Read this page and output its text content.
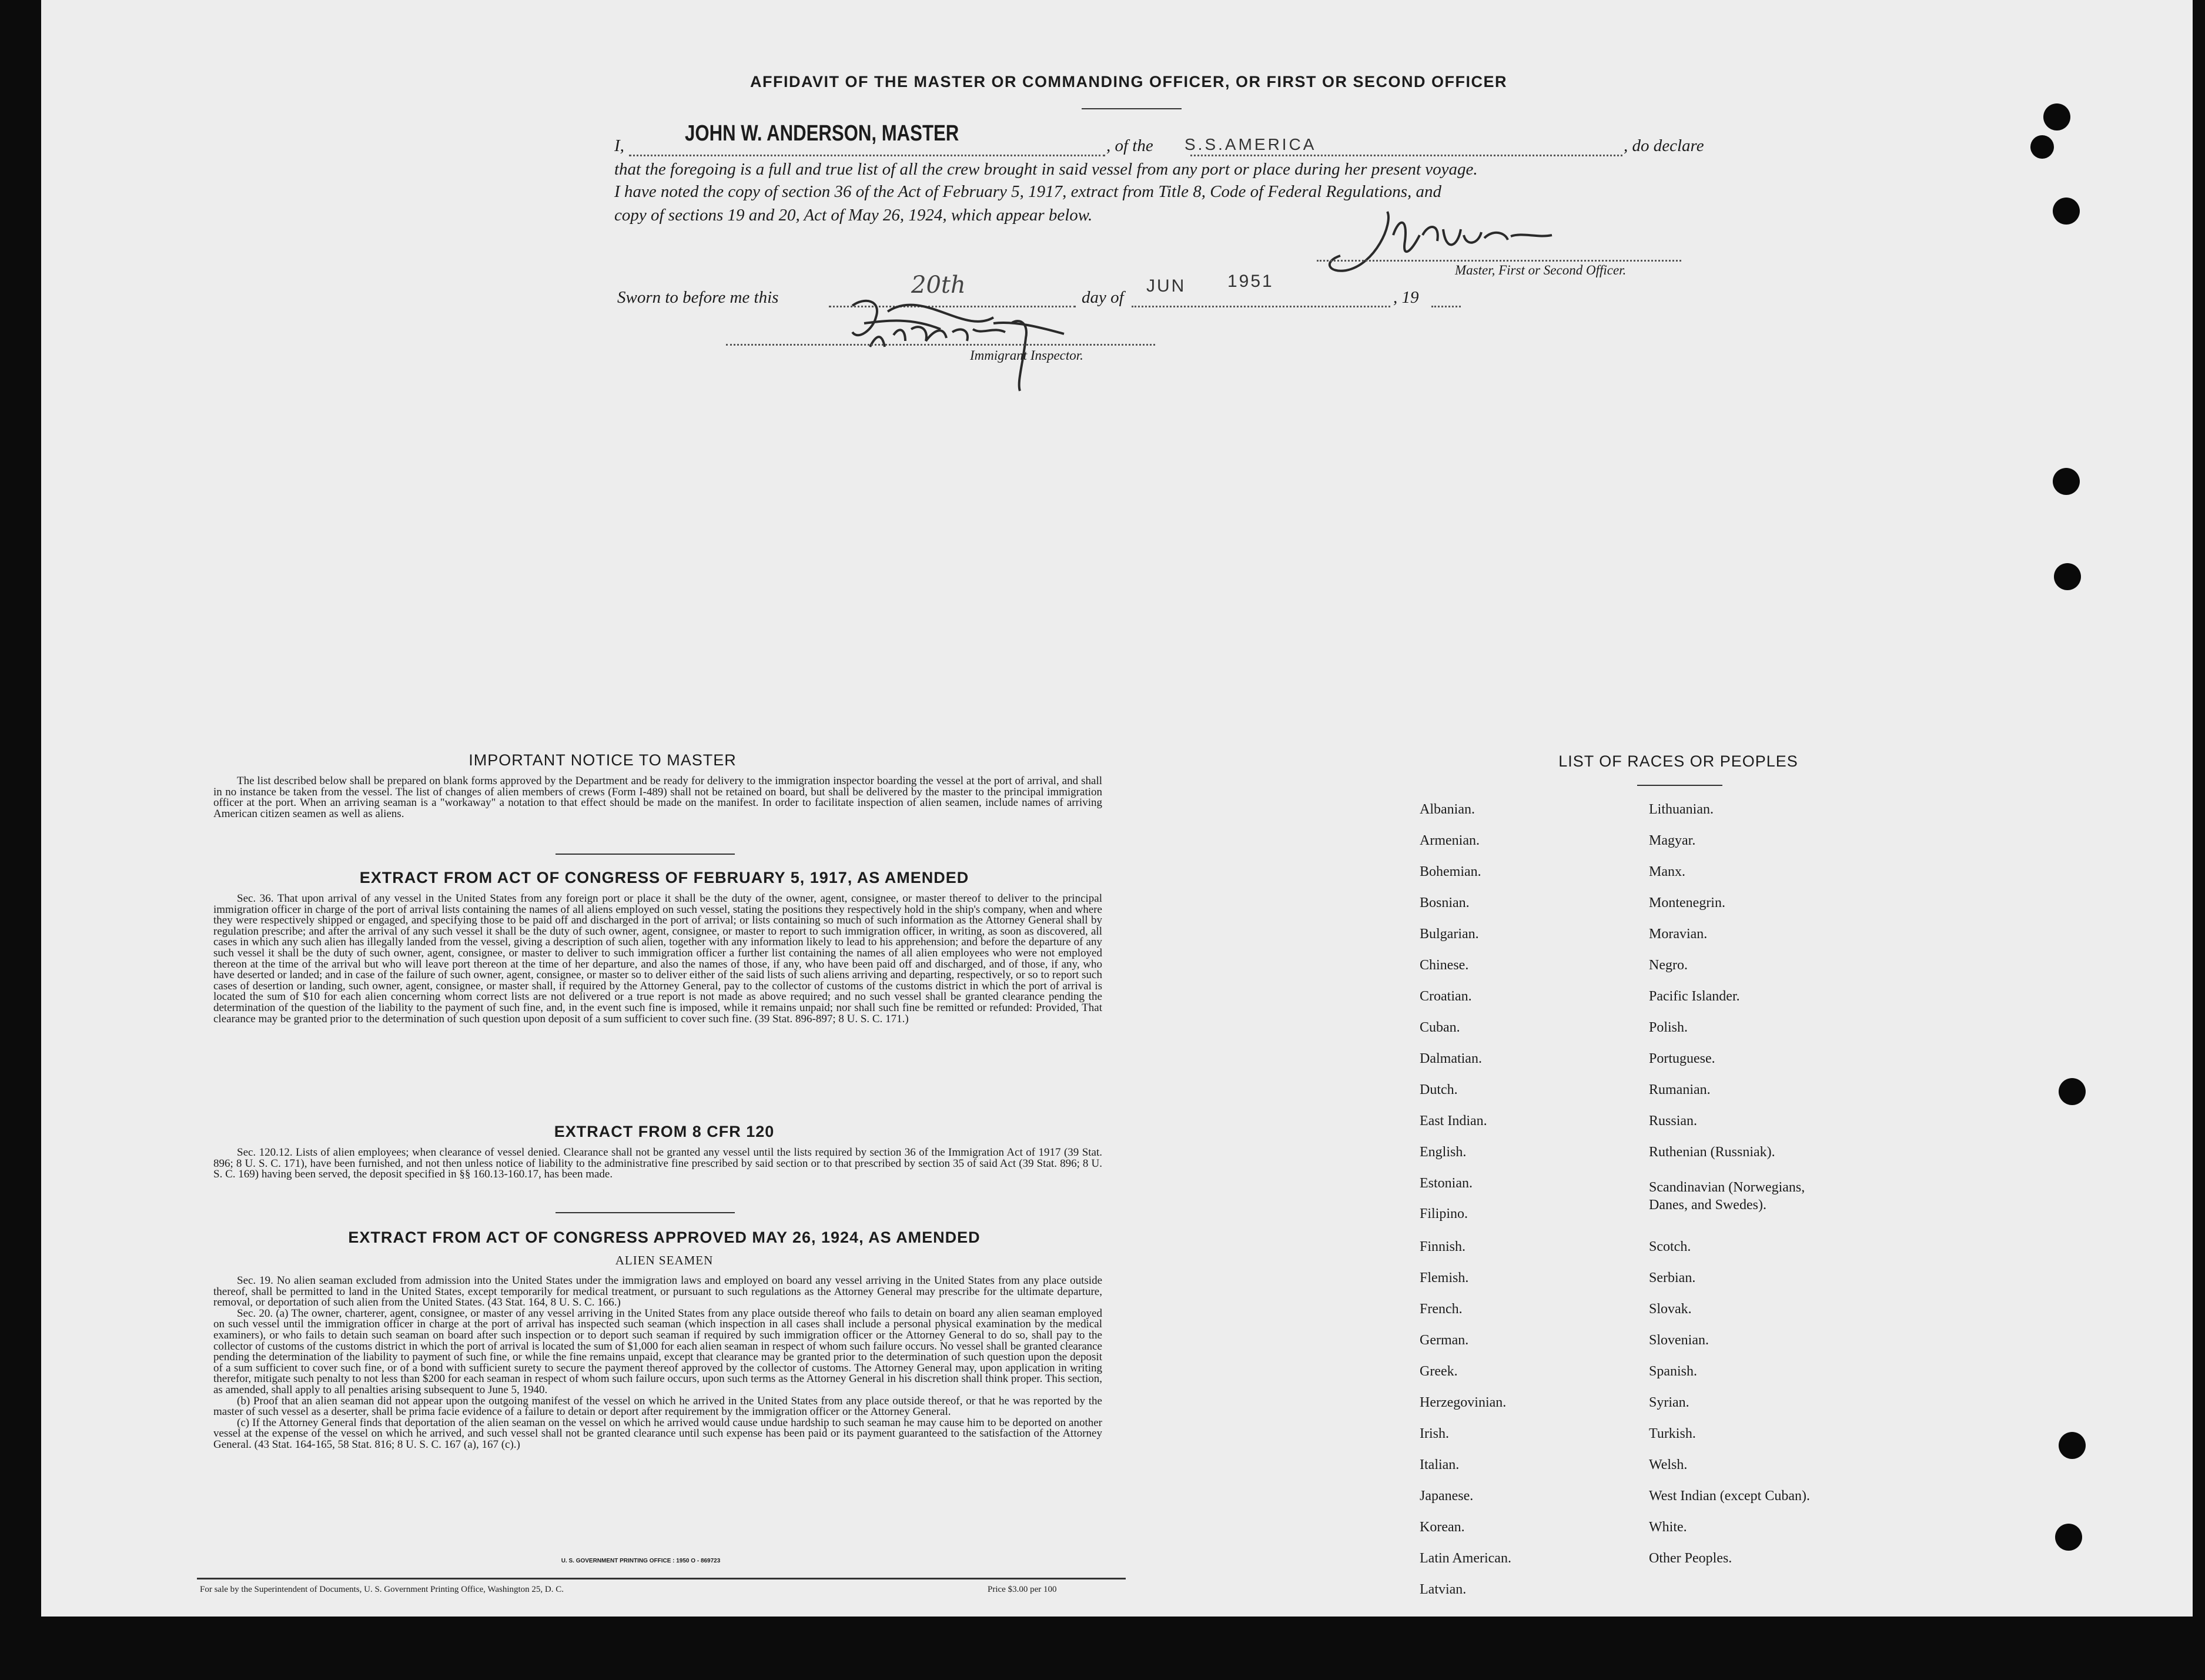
AFFIDAVIT OF THE MASTER OR COMMANDING OFFICER, OR FIRST OR SECOND OFFICER
I,	JOHN W. ANDERSON, MASTER	, of the S.S.AMERICA	, do declare
that the foregoing is a full and true list of all the crew brought in said vessel from any port or place during her present voyage.
I have noted the copy of section 36 of the Act of February 5, 1917, extract from Title 8, Code of Federal Regulations, and
copy of sections 19 and 20, Act of May 26, 1924, which appear below.
Master, First or Second Officer.
Sworn to before me this	20th	day of
JUN 1951
, 19
Immigrant Inspector.
IMPORTANT NOTICE TO MASTER

The list described below shall be prepared on blank forms approved by the Department and be ready for delivery to the immigration inspector boarding the vessel at the port of arrival, and shall in no instance be taken from the vessel. The list of changes of alien members of crews (Form I-489) shall not be retained on board, but shall be delivered by the master to the principal immigration officer at the port. When an arriving seaman is a "workaway" a notation to that effect should be made on the manifest. In order to facilitate inspection of alien seamen, include names of arriving American citizen seamen as well as aliens.

EXTRACT FROM ACT OF CONGRESS OF FEBRUARY 5, 1917, AS AMENDED

Sec. 36. That upon arrival of any vessel in the United States from any foreign port or place it shall be the duty of the owner, agent, consignee, or master thereof to deliver to the principal immigration officer in charge of the port of arrival lists containing the names of all aliens employed on such vessel, stating the positions they respectively hold in the ship's company, when and where they were respectively shipped or engaged, and specifying those to be paid off and discharged in the port of arrival; or lists containing so much of such information as the Attorney General shall by regulation prescribe; and after the arrival of any such vessel it shall be the duty of such owner, agent, consignee, or master to report to such immigration officer, in writing, as soon as discovered, all cases in which any such alien has illegally landed from the vessel, giving a description of such alien, together with any information likely to lead to his apprehension; and before the departure of any such vessel it shall be the duty of such owner, agent, consignee, or master to deliver to such immigration officer a further list containing the names of all alien employees who were not employed thereon at the time of the arrival but who will leave port thereon at the time of her departure, and also the names of those, if any, who have been paid off and discharged, and of those, if any, who have deserted or landed; and in case of the failure of such owner, agent, consignee, or master so to deliver either of the said lists of such aliens arriving and departing, respectively, or so to report such cases of desertion or landing, such owner, agent, consignee, or master shall, if required by the Attorney General, pay to the collector of customs of the customs district in which the port of arrival is located the sum of $10 for each alien concerning whom correct lists are not delivered or a true report is not made as above required; and no such vessel shall be granted clearance pending the determination of the question of the liability to the payment of such fine, and, in the event such fine is imposed, while it remains unpaid; nor shall such fine be remitted or refunded: Provided, That clearance may be granted prior to the determination of such question upon deposit of a sum sufficient to cover such fine. (39 Stat. 896-897; 8 U. S. C. 171.)

EXTRACT FROM 8 CFR 120

Sec. 120.12. Lists of alien employees; when clearance of vessel denied. Clearance shall not be granted any vessel until the lists required by section 36 of the Immigration Act of 1917 (39 Stat. 896; 8 U. S. C. 171), have been furnished, and not then unless notice of liability to the administrative fine prescribed by said section or to that prescribed by section 35 of said Act (39 Stat. 896; 8 U. S. C. 169) having been served, the deposit specified in §§ 160.13-160.17, has been made.

EXTRACT FROM ACT OF CONGRESS APPROVED MAY 26, 1924, AS AMENDED
ALIEN SEAMEN

Sec. 19. No alien seaman excluded from admission into the United States under the immigration laws and employed on board any vessel arriving in the United States from any place outside thereof, shall be permitted to land in the United States, except temporarily for medical treatment, or pursuant to such regulations as the Attorney General may prescribe for the ultimate departure, removal, or deportation of such alien from the United States. (43 Stat. 164, 8 U. S. C. 166.)

Sec. 20. (a) The owner, charterer, agent, consignee, or master of any vessel arriving in the United States from any place outside thereof who fails to detain on board any alien seaman employed on such vessel until the immigration officer in charge at the port of arrival has inspected such seaman (which inspection in all cases shall include a personal physical examination by the medical examiners), or who fails to detain such seaman on board after such inspection or to deport such seaman if required by such immigration officer or the Attorney General to do so, shall pay to the collector of customs of the customs district in which the port of arrival is located the sum of $1,000 for each alien seaman in respect of whom such failure occurs. No vessel shall be granted clearance pending the determination of the liability to payment of such fine, or while the fine remains unpaid, except that clearance may be granted prior to the determination of such question upon the deposit of a sum sufficient to cover such fine, or of a bond with sufficient surety to secure the payment thereof approved by the collector of customs. The Attorney General may, upon application in writing therefor, mitigate such penalty to not less than $200 for each seaman in respect of whom such failure occurs, upon such terms as the Attorney General in his discretion shall think proper. This section, as amended, shall apply to all penalties arising subsequent to June 5, 1940.

(b) Proof that an alien seaman did not appear upon the outgoing manifest of the vessel on which he arrived in the United States from any place outside thereof, or that he was reported by the master of such vessel as a deserter, shall be prima facie evidence of a failure to detain or deport after requirement by the immigration officer or the Attorney General.

(c) If the Attorney General finds that deportation of the alien seaman on the vessel on which he arrived would cause undue hardship to such seaman he may cause him to be deported on another vessel at the expense of the vessel on which he arrived, and such vessel shall not be granted clearance until such expense has been paid or its payment guaranteed to the satisfaction of the Attorney General. (43 Stat. 164-165, 58 Stat. 816; 8 U. S. C. 167 (a), 167 (c).)

U. S. GOVERNMENT PRINTING OFFICE : 1950 O - 869723
For sale by the Superintendent of Documents, U. S. Government Printing Office, Washington 25, D. C.	Price $3.00 per 100
LIST OF RACES OR PEOPLES
Albanian.
Armenian.
Bohemian.
Bosnian.
Bulgarian.
Chinese.
Croatian.
Cuban.
Dalmatian.
Dutch.
East Indian.
English.
Estonian.
Filipino.
Finnish.
Flemish.
French.
German.
Greek.
Herzegovinian.
Irish.
Italian.
Japanese.
Korean.
Latin American.
Latvian.
Lithuanian.
Magyar.
Manx.
Montenegrin.
Moravian.
Negro.
Pacific Islander.
Polish.
Portuguese.
Rumanian.
Russian.
Ruthenian (Russniak).
Scandinavian (Norwegians,
Danes, and Swedes).
Scotch.
Serbian.
Slovak.
Slovenian.
Spanish.
Syrian.
Turkish.
Welsh.
West Indian (except Cuban).
White.
Other Peoples.
